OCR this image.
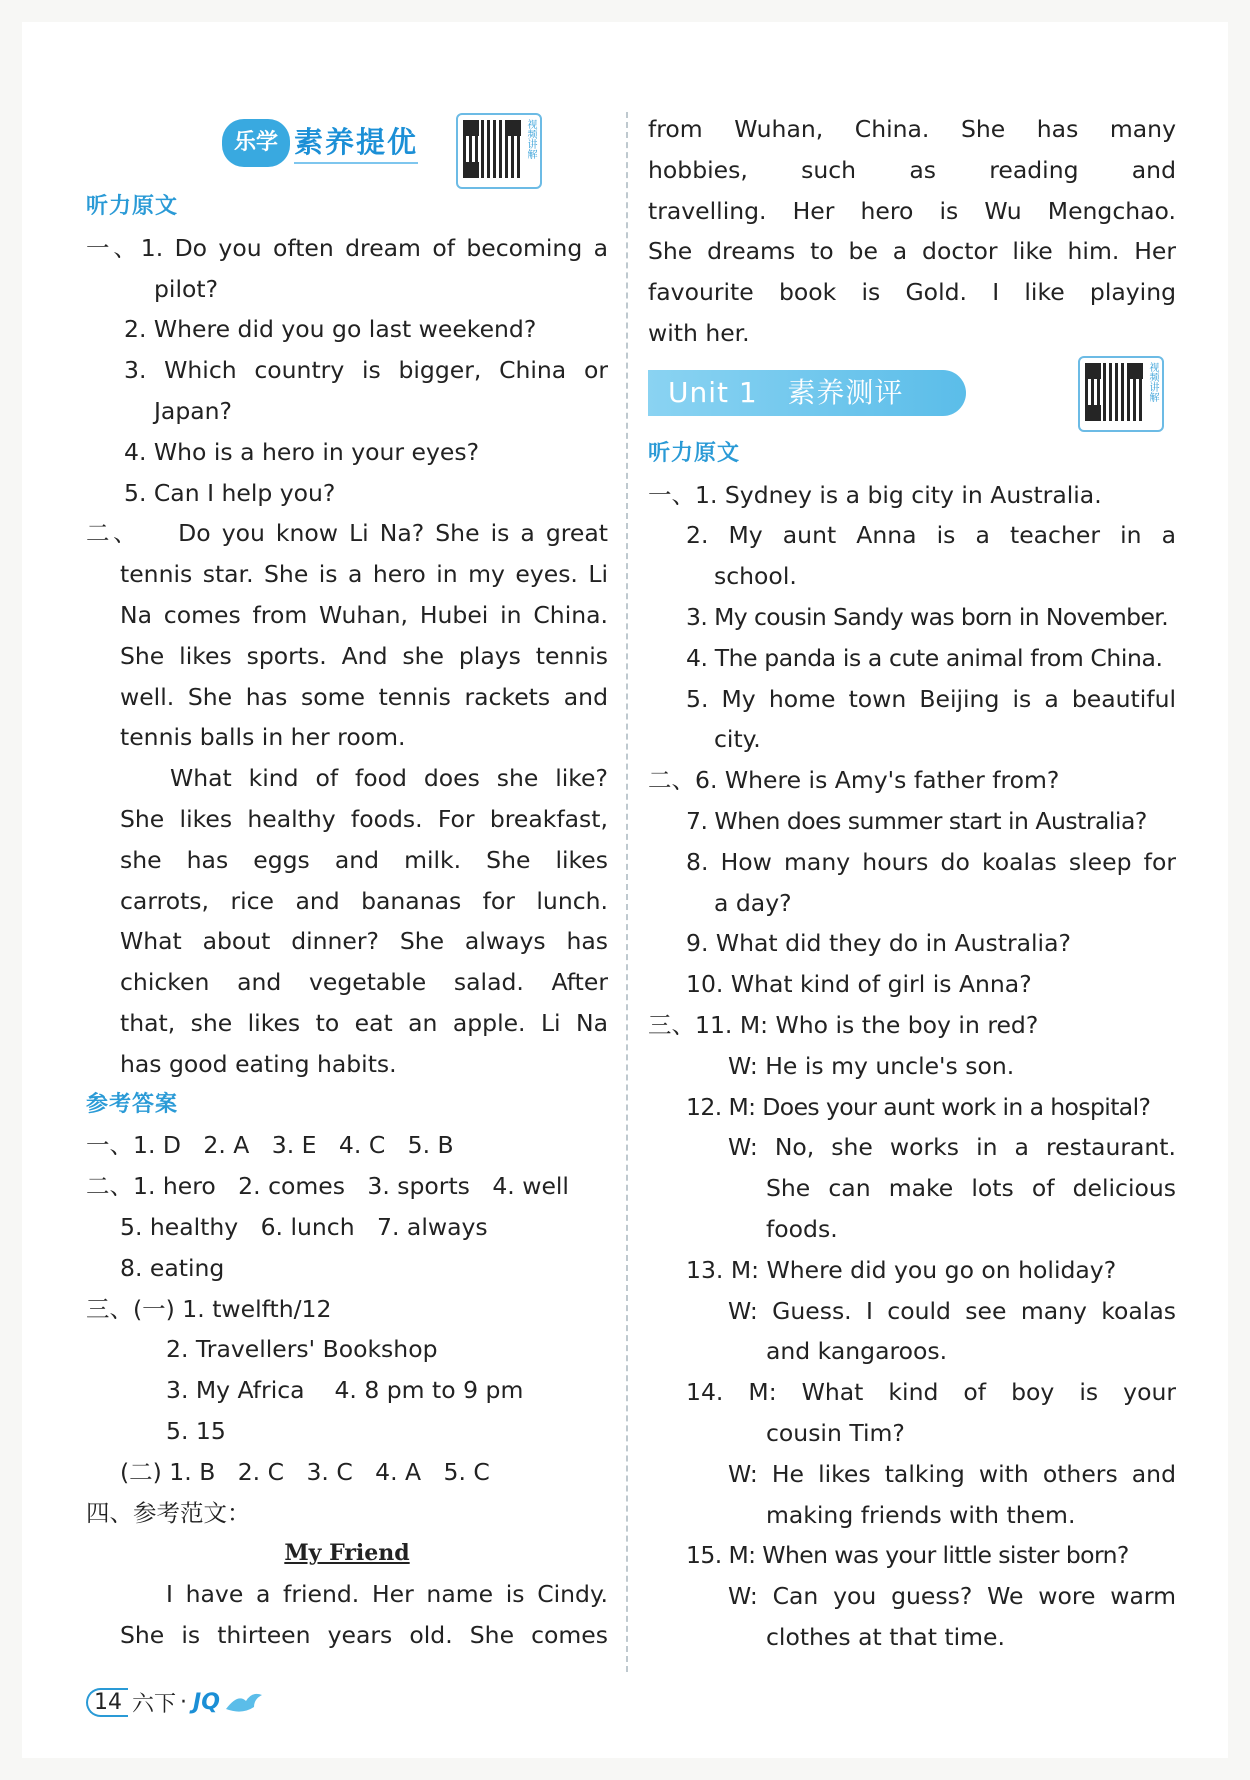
乐学 素养提优	视频讲解
听力原文
一、1. Do you often dream of becoming a
pilot?
2. Where did you go last weekend?
3. Which country is bigger, China or
Japan?
4. Who is a hero in your eyes?
5. Can I help you?
二、 Do you know Li Na? She is a great
tennis star. She is a hero in my eyes. Li
Na comes from Wuhan, Hubei in China.
She likes sports. And she plays tennis
well. She has some tennis rackets and
tennis balls in her room.
What kind of food does she like?
She likes healthy foods. For breakfast,
she has eggs and milk. She likes
carrots, rice and bananas for lunch.
What about dinner? She always has
chicken and vegetable salad. After
that, she likes to eat an apple. Li Na
has good eating habits.
参考答案
一、1. D   2. A   3. E   4. C   5. B
二、1. hero   2. comes   3. sports   4. well
5. healthy   6. lunch   7. always
8. eating
三、(一) 1. twelfth/12
2. Travellers' Bookshop
3. My Africa    4. 8 pm to 9 pm
5. 15
(二) 1. B   2. C   3. C   4. A   5. C
四、参考范文：
My Friend
I have a friend. Her name is Cindy.
She is thirteen years old. She comes
from Wuhan, China. She has many
hobbies, such as reading and
travelling. Her hero is Wu Mengchao.
She dreams to be a doctor like him. Her
favourite book is Gold. I like playing
with her.
Unit 1   素养测评	视频讲解
听力原文
一、1. Sydney is a big city in Australia.
2. My aunt Anna is a teacher in a
school.
3. My cousin Sandy was born in November.
4. The panda is a cute animal from China.
5. My home town Beijing is a beautiful
city.
二、6. Where is Amy's father from?
7. When does summer start in Australia?
8. How many hours do koalas sleep for
a day?
9. What did they do in Australia?
10. What kind of girl is Anna?
三、11. M: Who is the boy in red?
W: He is my uncle's son.
12. M: Does your aunt work in a hospital?
W: No, she works in a restaurant.
She can make lots of delicious
foods.
13. M: Where did you go on holiday?
W: Guess. I could see many koalas
and kangaroos.
14. M: What kind of boy is your
cousin Tim?
W: He likes talking with others and
making friends with them.
15. M: When was your little sister born?
W: Can you guess? We wore warm
clothes at that time.
14 六下 · JQ
